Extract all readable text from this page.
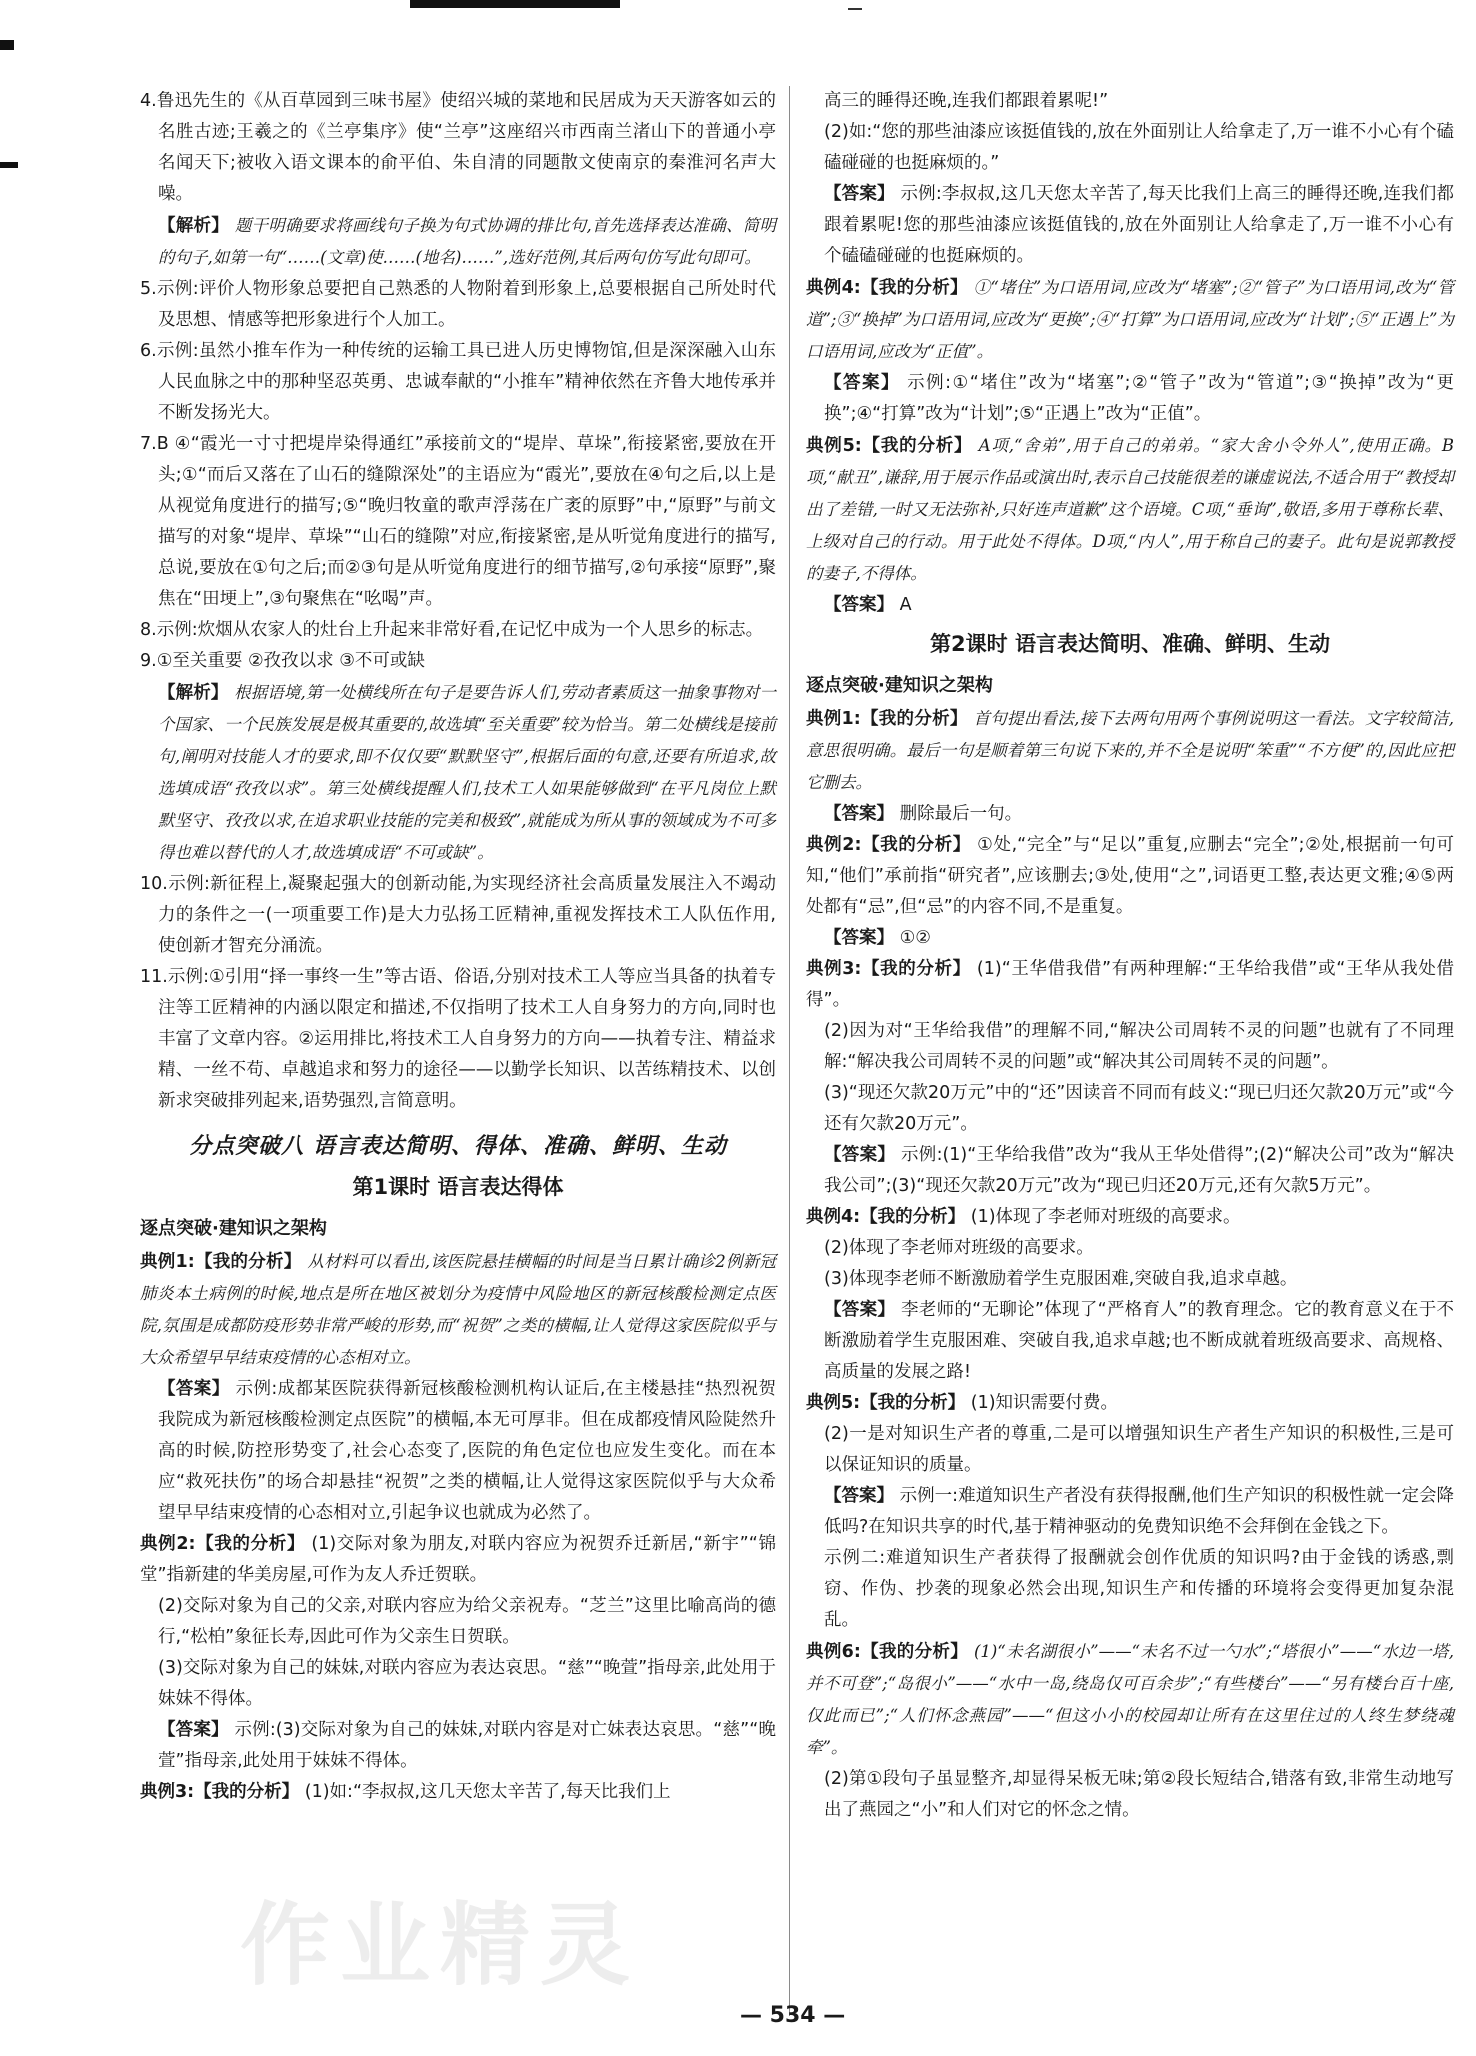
4.鲁迅先生的《从百草园到三味书屋》使绍兴城的菜地和民居成为天天游客如云的名胜古迹;王羲之的《兰亭集序》使“兰亭”这座绍兴市西南兰渚山下的普通小亭名闻天下;被收入语文课本的俞平伯、朱自清的同题散文使南京的秦淮河名声大噪。

【解析】 题干明确要求将画线句子换为句式协调的排比句,首先选择表达准确、简明的句子,如第一句“……(文章)使……(地名)……”,选好范例,其后两句仿写此句即可。

5.示例:评价人物形象总要把自己熟悉的人物附着到形象上,总要根据自己所处时代及思想、情感等把形象进行个人加工。

6.示例:虽然小推车作为一种传统的运输工具已进人历史博物馆,但是深深融入山东人民血脉之中的那种坚忍英勇、忠诚奉献的“小推车”精神依然在齐鲁大地传承并不断发扬光大。

7.B ④“霞光一寸寸把堤岸染得通红”承接前文的“堤岸、草垛”,衔接紧密,要放在开头;①“而后又落在了山石的缝隙深处”的主语应为“霞光”,要放在④句之后,以上是从视觉角度进行的描写;⑤“晚归牧童的歌声浮荡在广袤的原野”中,“原野”与前文描写的对象“堤岸、草垛”“山石的缝隙”对应,衔接紧密,是从听觉角度进行的描写,总说,要放在①句之后;而②③句是从听觉角度进行的细节描写,②句承接“原野”,聚焦在“田埂上”,③句聚焦在“吆喝”声。

8.示例:炊烟从农家人的灶台上升起来非常好看,在记忆中成为一个人思乡的标志。

9.①至关重要 ②孜孜以求 ③不可或缺

【解析】 根据语境,第一处横线所在句子是要告诉人们,劳动者素质这一抽象事物对一个国家、一个民族发展是极其重要的,故选填“至关重要”较为恰当。第二处横线是接前句,阐明对技能人才的要求,即不仅仅要“默默坚守”,根据后面的句意,还要有所追求,故选填成语“孜孜以求”。第三处横线提醒人们,技术工人如果能够做到“在平凡岗位上默默坚守、孜孜以求,在追求职业技能的完美和极致”,就能成为所从事的领域成为不可多得也难以替代的人才,故选填成语“不可或缺”。

10.示例:新征程上,凝聚起强大的创新动能,为实现经济社会高质量发展注入不竭动力的条件之一(一项重要工作)是大力弘扬工匠精神,重视发挥技术工人队伍作用,使创新才智充分涌流。

11.示例:①引用“择一事终一生”等古语、俗语,分别对技术工人等应当具备的执着专注等工匠精神的内涵以限定和描述,不仅指明了技术工人自身努力的方向,同时也丰富了文章内容。②运用排比,将技术工人自身努力的方向——执着专注、精益求精、一丝不苟、卓越追求和努力的途径——以勤学长知识、以苦练精技术、以创新求突破排列起来,语势强烈,言简意明。

分点突破八 语言表达简明、得体、准确、鲜明、生动
第1课时 语言表达得体
逐点突破·建知识之架构

典例1:【我的分析】 从材料可以看出,该医院悬挂横幅的时间是当日累计确诊2例新冠肺炎本土病例的时候,地点是所在地区被划分为疫情中风险地区的新冠核酸检测定点医院,氛围是成都防疫形势非常严峻的形势,而“祝贺”之类的横幅,让人觉得这家医院似乎与大众希望早早结束疫情的心态相对立。

【答案】 示例:成都某医院获得新冠核酸检测机构认证后,在主楼悬挂“热烈祝贺我院成为新冠核酸检测定点医院”的横幅,本无可厚非。但在成都疫情风险陡然升高的时候,防控形势变了,社会心态变了,医院的角色定位也应发生变化。而在本应“救死扶伤”的场合却悬挂“祝贺”之类的横幅,让人觉得这家医院似乎与大众希望早早结束疫情的心态相对立,引起争议也就成为必然了。

典例2:【我的分析】 (1)交际对象为朋友,对联内容应为祝贺乔迁新居,“新宇”“锦堂”指新建的华美房屋,可作为友人乔迁贺联。

(2)交际对象为自己的父亲,对联内容应为给父亲祝寿。“芝兰”这里比喻高尚的德行,“松柏”象征长寿,因此可作为父亲生日贺联。

(3)交际对象为自己的妹妹,对联内容应为表达哀思。“慈”“晚萱”指母亲,此处用于妹妹不得体。

【答案】 示例:(3)交际对象为自己的妹妹,对联内容是对亡妹表达哀思。“慈”“晚萱”指母亲,此处用于妹妹不得体。

典例3:【我的分析】 (1)如:“李叔叔,这几天您太辛苦了,每天比我们上

高三的睡得还晚,连我们都跟着累呢!”

(2)如:“您的那些油漆应该挺值钱的,放在外面别让人给拿走了,万一谁不小心有个磕磕碰碰的也挺麻烦的。”

【答案】 示例:李叔叔,这几天您太辛苦了,每天比我们上高三的睡得还晚,连我们都跟着累呢!您的那些油漆应该挺值钱的,放在外面别让人给拿走了,万一谁不小心有个磕磕碰碰的也挺麻烦的。

典例4:【我的分析】 ①“堵住”为口语用词,应改为“堵塞”;②“管子”为口语用词,改为“管道”;③“换掉”为口语用词,应改为“更换”;④“打算”为口语用词,应改为“计划”;⑤“正遇上”为口语用词,应改为“正值”。

【答案】 示例:①“堵住”改为“堵塞”;②“管子”改为“管道”;③“换掉”改为“更换”;④“打算”改为“计划”;⑤“正遇上”改为“正值”。

典例5:【我的分析】 A项,“舍弟”,用于自己的弟弟。“家大舍小令外人”,使用正确。B项,“献丑”,谦辞,用于展示作品或演出时,表示自己技能很差的谦虚说法,不适合用于“教授却出了差错,一时又无法弥补,只好连声道歉”这个语境。C项,“垂询”,敬语,多用于尊称长辈、上级对自己的行动。用于此处不得体。D项,“内人”,用于称自己的妻子。此句是说郭教授的妻子,不得体。

【答案】 A

第2课时 语言表达简明、准确、鲜明、生动
逐点突破·建知识之架构

典例1:【我的分析】 首句提出看法,接下去两句用两个事例说明这一看法。文字较简洁,意思很明确。最后一句是顺着第三句说下来的,并不全是说明“笨重”“不方便”的,因此应把它删去。

【答案】 删除最后一句。

典例2:【我的分析】 ①处,“完全”与“足以”重复,应删去“完全”;②处,根据前一句可知,“他们”承前指“研究者”,应该删去;③处,使用“之”,词语更工整,表达更文雅;④⑤两处都有“忌”,但“忌”的内容不同,不是重复。

【答案】 ①②

典例3:【我的分析】 (1)“王华借我借”有两种理解:“王华给我借”或“王华从我处借得”。

(2)因为对“王华给我借”的理解不同,“解决公司周转不灵的问题”也就有了不同理解:“解决我公司周转不灵的问题”或“解决其公司周转不灵的问题”。

(3)“现还欠款20万元”中的“还”因读音不同而有歧义:“现已归还欠款20万元”或“今还有欠款20万元”。

【答案】 示例:(1)“王华给我借”改为“我从王华处借得”;(2)“解决公司”改为“解决我公司”;(3)“现还欠款20万元”改为“现已归还20万元,还有欠款5万元”。

典例4:【我的分析】 (1)体现了李老师对班级的高要求。

(2)体现了李老师对班级的高要求。

(3)体现李老师不断激励着学生克服困难,突破自我,追求卓越。

【答案】 李老师的“无聊论”体现了“严格育人”的教育理念。它的教育意义在于不断激励着学生克服困难、突破自我,追求卓越;也不断成就着班级高要求、高规格、高质量的发展之路!

典例5:【我的分析】 (1)知识需要付费。

(2)一是对知识生产者的尊重,二是可以增强知识生产者生产知识的积极性,三是可以保证知识的质量。

【答案】 示例一:难道知识生产者没有获得报酬,他们生产知识的积极性就一定会降低吗?在知识共享的时代,基于精神驱动的免费知识绝不会拜倒在金钱之下。

示例二:难道知识生产者获得了报酬就会创作优质的知识吗?由于金钱的诱惑,剽窃、作伪、抄袭的现象必然会出现,知识生产和传播的环境将会变得更加复杂混乱。

典例6:【我的分析】 (1)“未名湖很小”——“未名不过一勺水”;“塔很小”——“水边一塔,并不可登”;“岛很小”——“水中一岛,绕岛仅可百余步”;“有些楼台”——“另有楼台百十座,仅此而已”;“人们怀念燕园”——“但这小小的校园却让所有在这里住过的人终生梦绕魂牵”。

(2)第①段句子虽显整齐,却显得呆板无味;第②段长短结合,错落有致,非常生动地写出了燕园之“小”和人们对它的怀念之情。

作业精灵
— 534 —
